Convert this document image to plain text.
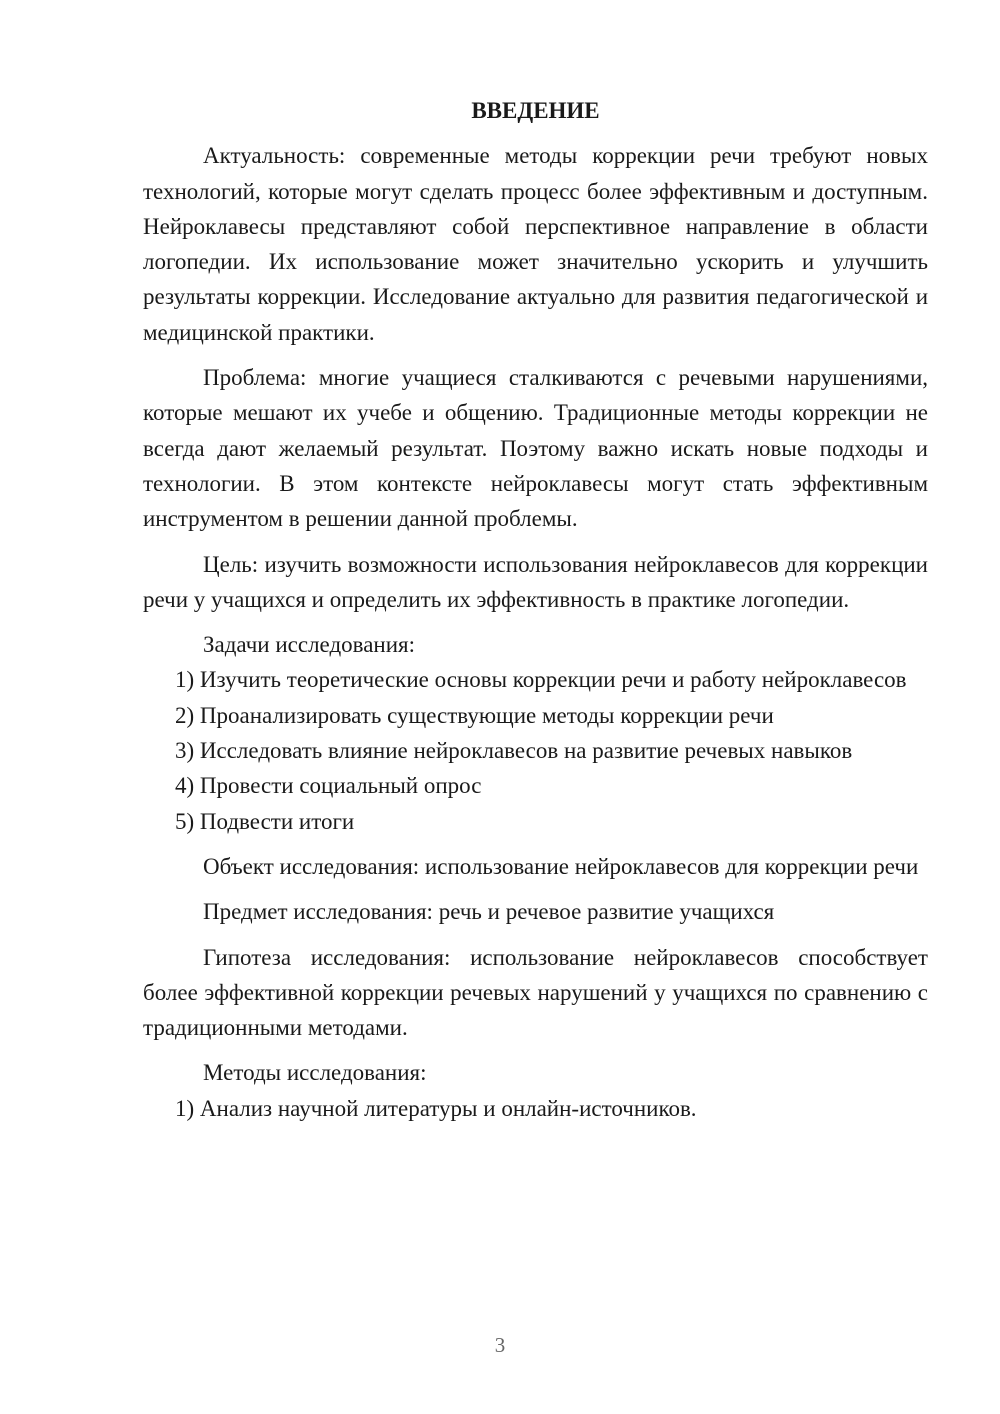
ВВЕДЕНИЕ

Актуальность: современные методы коррекции речи требуют новых технологий, которые могут сделать процесс более эффективным и доступным. Нейроклавесы представляют собой перспективное направление в области логопедии. Их использование может значительно ускорить и улучшить результаты коррекции. Исследование актуально для развития педагогической и медицинской практики.

Проблема: многие учащиеся сталкиваются с речевыми нарушениями, которые мешают их учебе и общению. Традиционные методы коррекции не всегда дают желаемый результат. Поэтому важно искать новые подходы и технологии. В этом контексте нейроклавесы могут стать эффективным инструментом в решении данной проблемы.

Цель: изучить возможности использования нейроклавесов для коррекции речи у учащихся и определить их эффективность в практике логопедии.

Задачи исследования:

1) Изучить теоретические основы коррекции речи и работу нейроклавесов

2) Проанализировать существующие методы коррекции речи

3) Исследовать влияние нейроклавесов на развитие речевых навыков

4) Провести социальный опрос

5) Подвести итоги

Объект исследования: использование нейроклавесов для коррекции речи

Предмет исследования: речь и речевое развитие учащихся

Гипотеза исследования: использование нейроклавесов способствует более эффективной коррекции речевых нарушений у учащихся по сравнению с традиционными методами.

Методы исследования:

1) Анализ научной литературы и онлайн-источников.

3
